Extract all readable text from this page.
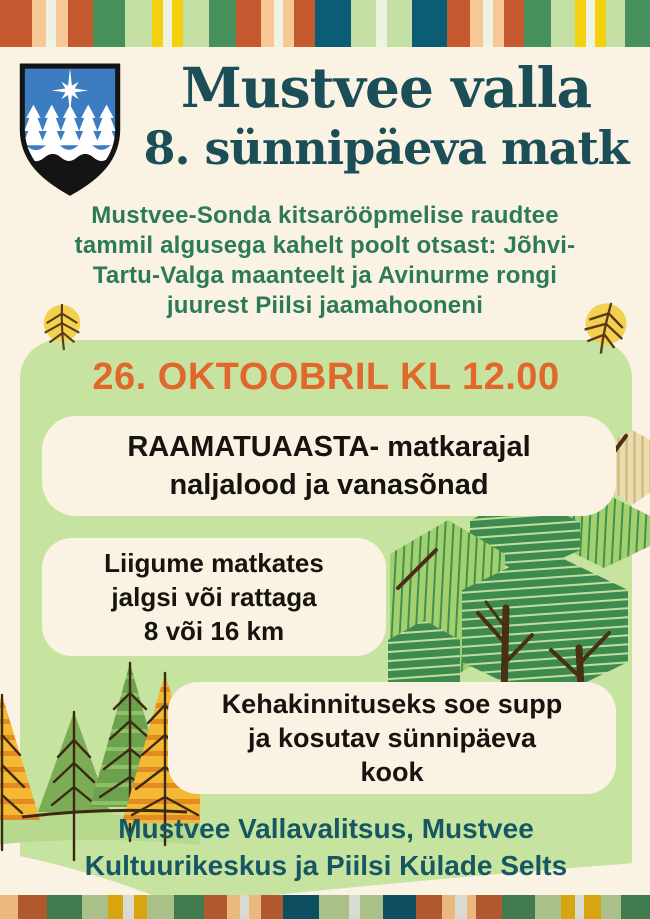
Mustvee valla
8. sünnipäeva matk
Mustvee-Sonda kitsarööpmelise raudtee
tammil algusega kahelt poolt otsast: Jõhvi-
Tartu-Valga maanteelt ja Avinurme rongi
juurest Piilsi jaamahooneni
26. OKTOOBRIL KL 12.00
RAAMATUAASTA- matkarajal
naljalood ja vanasõnad
Liigume matkates
jalgsi või rattaga
8 või 16 km
Kehakinnituseks soe supp
ja kosutav sünnipäeva
kook
Mustvee Vallavalitsus, Mustvee
Kultuurikeskus ja Piilsi Külade Selts
